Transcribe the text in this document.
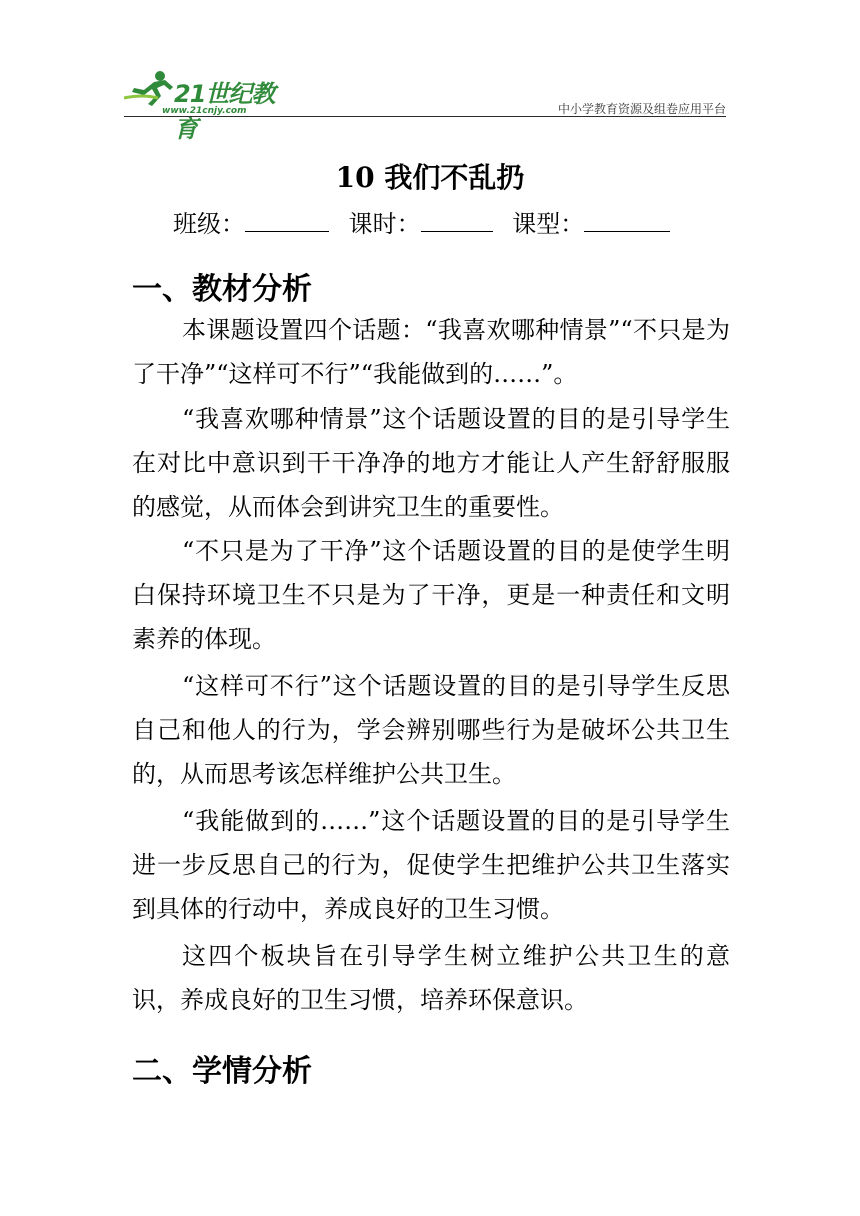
21世纪教育
www.21cnjy.com	中小学教育资源及组卷应用平台
10 我们不乱扔
班级：	课时：	课型：
一、教材分析

本课题设置四个话题：“我喜欢哪种情景”“不只是为了干净”“这样可不行”“我能做到的……”。

“我喜欢哪种情景”这个话题设置的目的是引导学生在对比中意识到干干净净的地方才能让人产生舒舒服服的感觉，从而体会到讲究卫生的重要性。

“不只是为了干净”这个话题设置的目的是使学生明白保持环境卫生不只是为了干净，更是一种责任和文明素养的体现。

“这样可不行”这个话题设置的目的是引导学生反思自己和他人的行为，学会辨别哪些行为是破坏公共卫生的，从而思考该怎样维护公共卫生。

“我能做到的……”这个话题设置的目的是引导学生进一步反思自己的行为，促使学生把维护公共卫生落实到具体的行动中，养成良好的卫生习惯。

这四个板块旨在引导学生树立维护公共卫生的意识，养成良好的卫生习惯，培养环保意识。

二、学情分析
